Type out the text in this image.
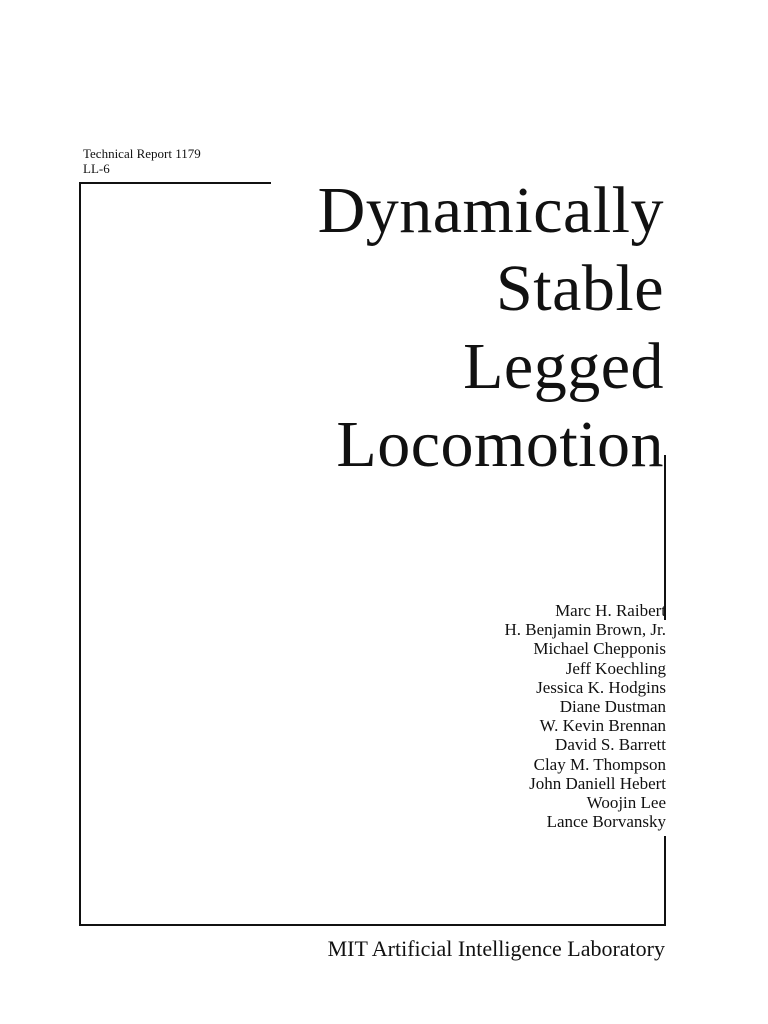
Technical Report 1179
LL-6
Dynamically
Stable
Legged
Locomotion
Marc H. Raibert
H. Benjamin Brown, Jr.
Michael Chepponis
Jeff Koechling
Jessica K. Hodgins
Diane Dustman
W. Kevin Brennan
David S. Barrett
Clay M. Thompson
John Daniell Hebert
Woojin Lee
Lance Borvansky
MIT Artificial Intelligence Laboratory
